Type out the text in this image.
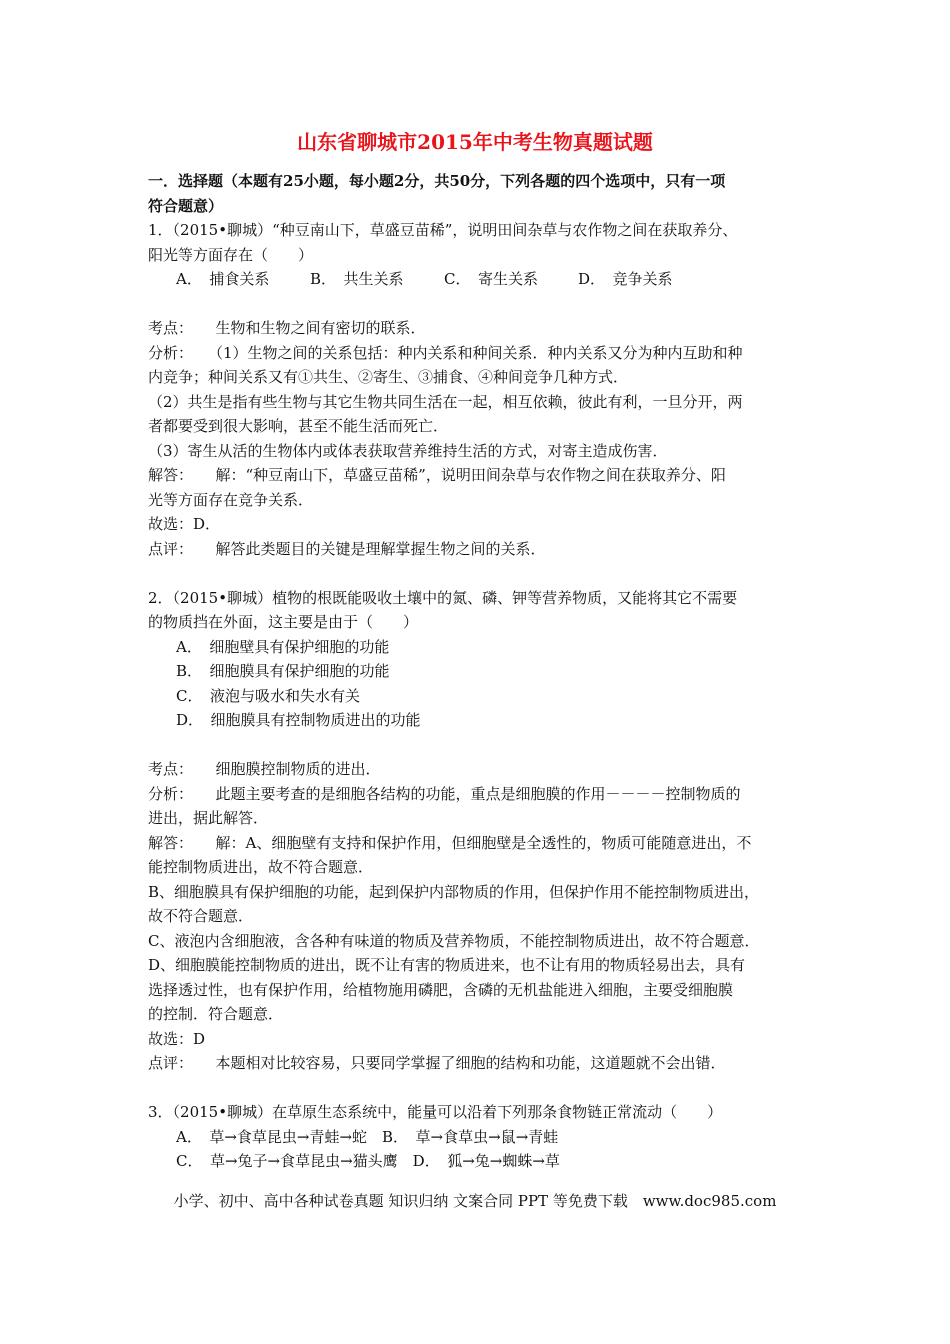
山东省聊城市2015年中考生物真题试题
一．选择题（本题有25小题，每小题2分，共50分，下列各题的四个选项中，只有一项
符合题意）
1．（2015•聊城）“种豆南山下，草盛豆苗稀”，说明田间杂草与农作物之间在获取养分、
阳光等方面存在（　　）
A．　捕食关系	B．　共生关系	C．　寄生关系	D．　竞争关系
考点：　　生物和生物之间有密切的联系．
分析：　　（1）生物之间的关系包括：种内关系和种间关系．种内关系又分为种内互助和种
内竞争；种间关系又有①共生、②寄生、③捕食、④种间竞争几种方式．
（2）共生是指有些生物与其它生物共同生活在一起，相互依赖，彼此有利，一旦分开，两
者都要受到很大影响，甚至不能生活而死亡．
（3）寄生从活的生物体内或体表获取营养维持生活的方式，对寄主造成伤害．
解答：　　解：“种豆南山下，草盛豆苗稀”，说明田间杂草与农作物之间在获取养分、阳
光等方面存在竞争关系．
故选：D．
点评：　　解答此类题目的关键是理解掌握生物之间的关系．
2．（2015•聊城）植物的根既能吸收土壤中的氮、磷、钾等营养物质，又能将其它不需要
的物质挡在外面，这主要是由于（　　）
A．　细胞壁具有保护细胞的功能
B．　细胞膜具有保护细胞的功能
C．　液泡与吸水和失水有关
D．　细胞膜具有控制物质进出的功能
考点：　　细胞膜控制物质的进出．
分析：　　此题主要考查的是细胞各结构的功能，重点是细胞膜的作用－－－－控制物质的
进出，据此解答．
解答：　　解：A、细胞壁有支持和保护作用，但细胞壁是全透性的，物质可能随意进出，不
能控制物质进出，故不符合题意．
B、细胞膜具有保护细胞的功能，起到保护内部物质的作用，但保护作用不能控制物质进出，
故不符合题意．
C、液泡内含细胞液，含各种有味道的物质及营养物质，不能控制物质进出，故不符合题意．
D、细胞膜能控制物质的进出，既不让有害的物质进来，也不让有用的物质轻易出去，具有
选择透过性，也有保护作用，给植物施用磷肥，含磷的无机盐能进入细胞，主要受细胞膜
的控制．符合题意．
故选：D
点评：　　本题相对比较容易，只要同学掌握了细胞的结构和功能，这道题就不会出错．
3．（2015•聊城）在草原生态系统中，能量可以沿着下列那条食物链正常流动（　　）
A．　草→食草昆虫→青蛙→蛇　B．　草→食草虫→鼠→青蛙
C．　草→兔子→食草昆虫→猫头鹰　D．　狐→兔→蜘蛛→草
小学、初中、高中各种试卷真题 知识归纳 文案合同 PPT 等免费下载　www.doc985.com
